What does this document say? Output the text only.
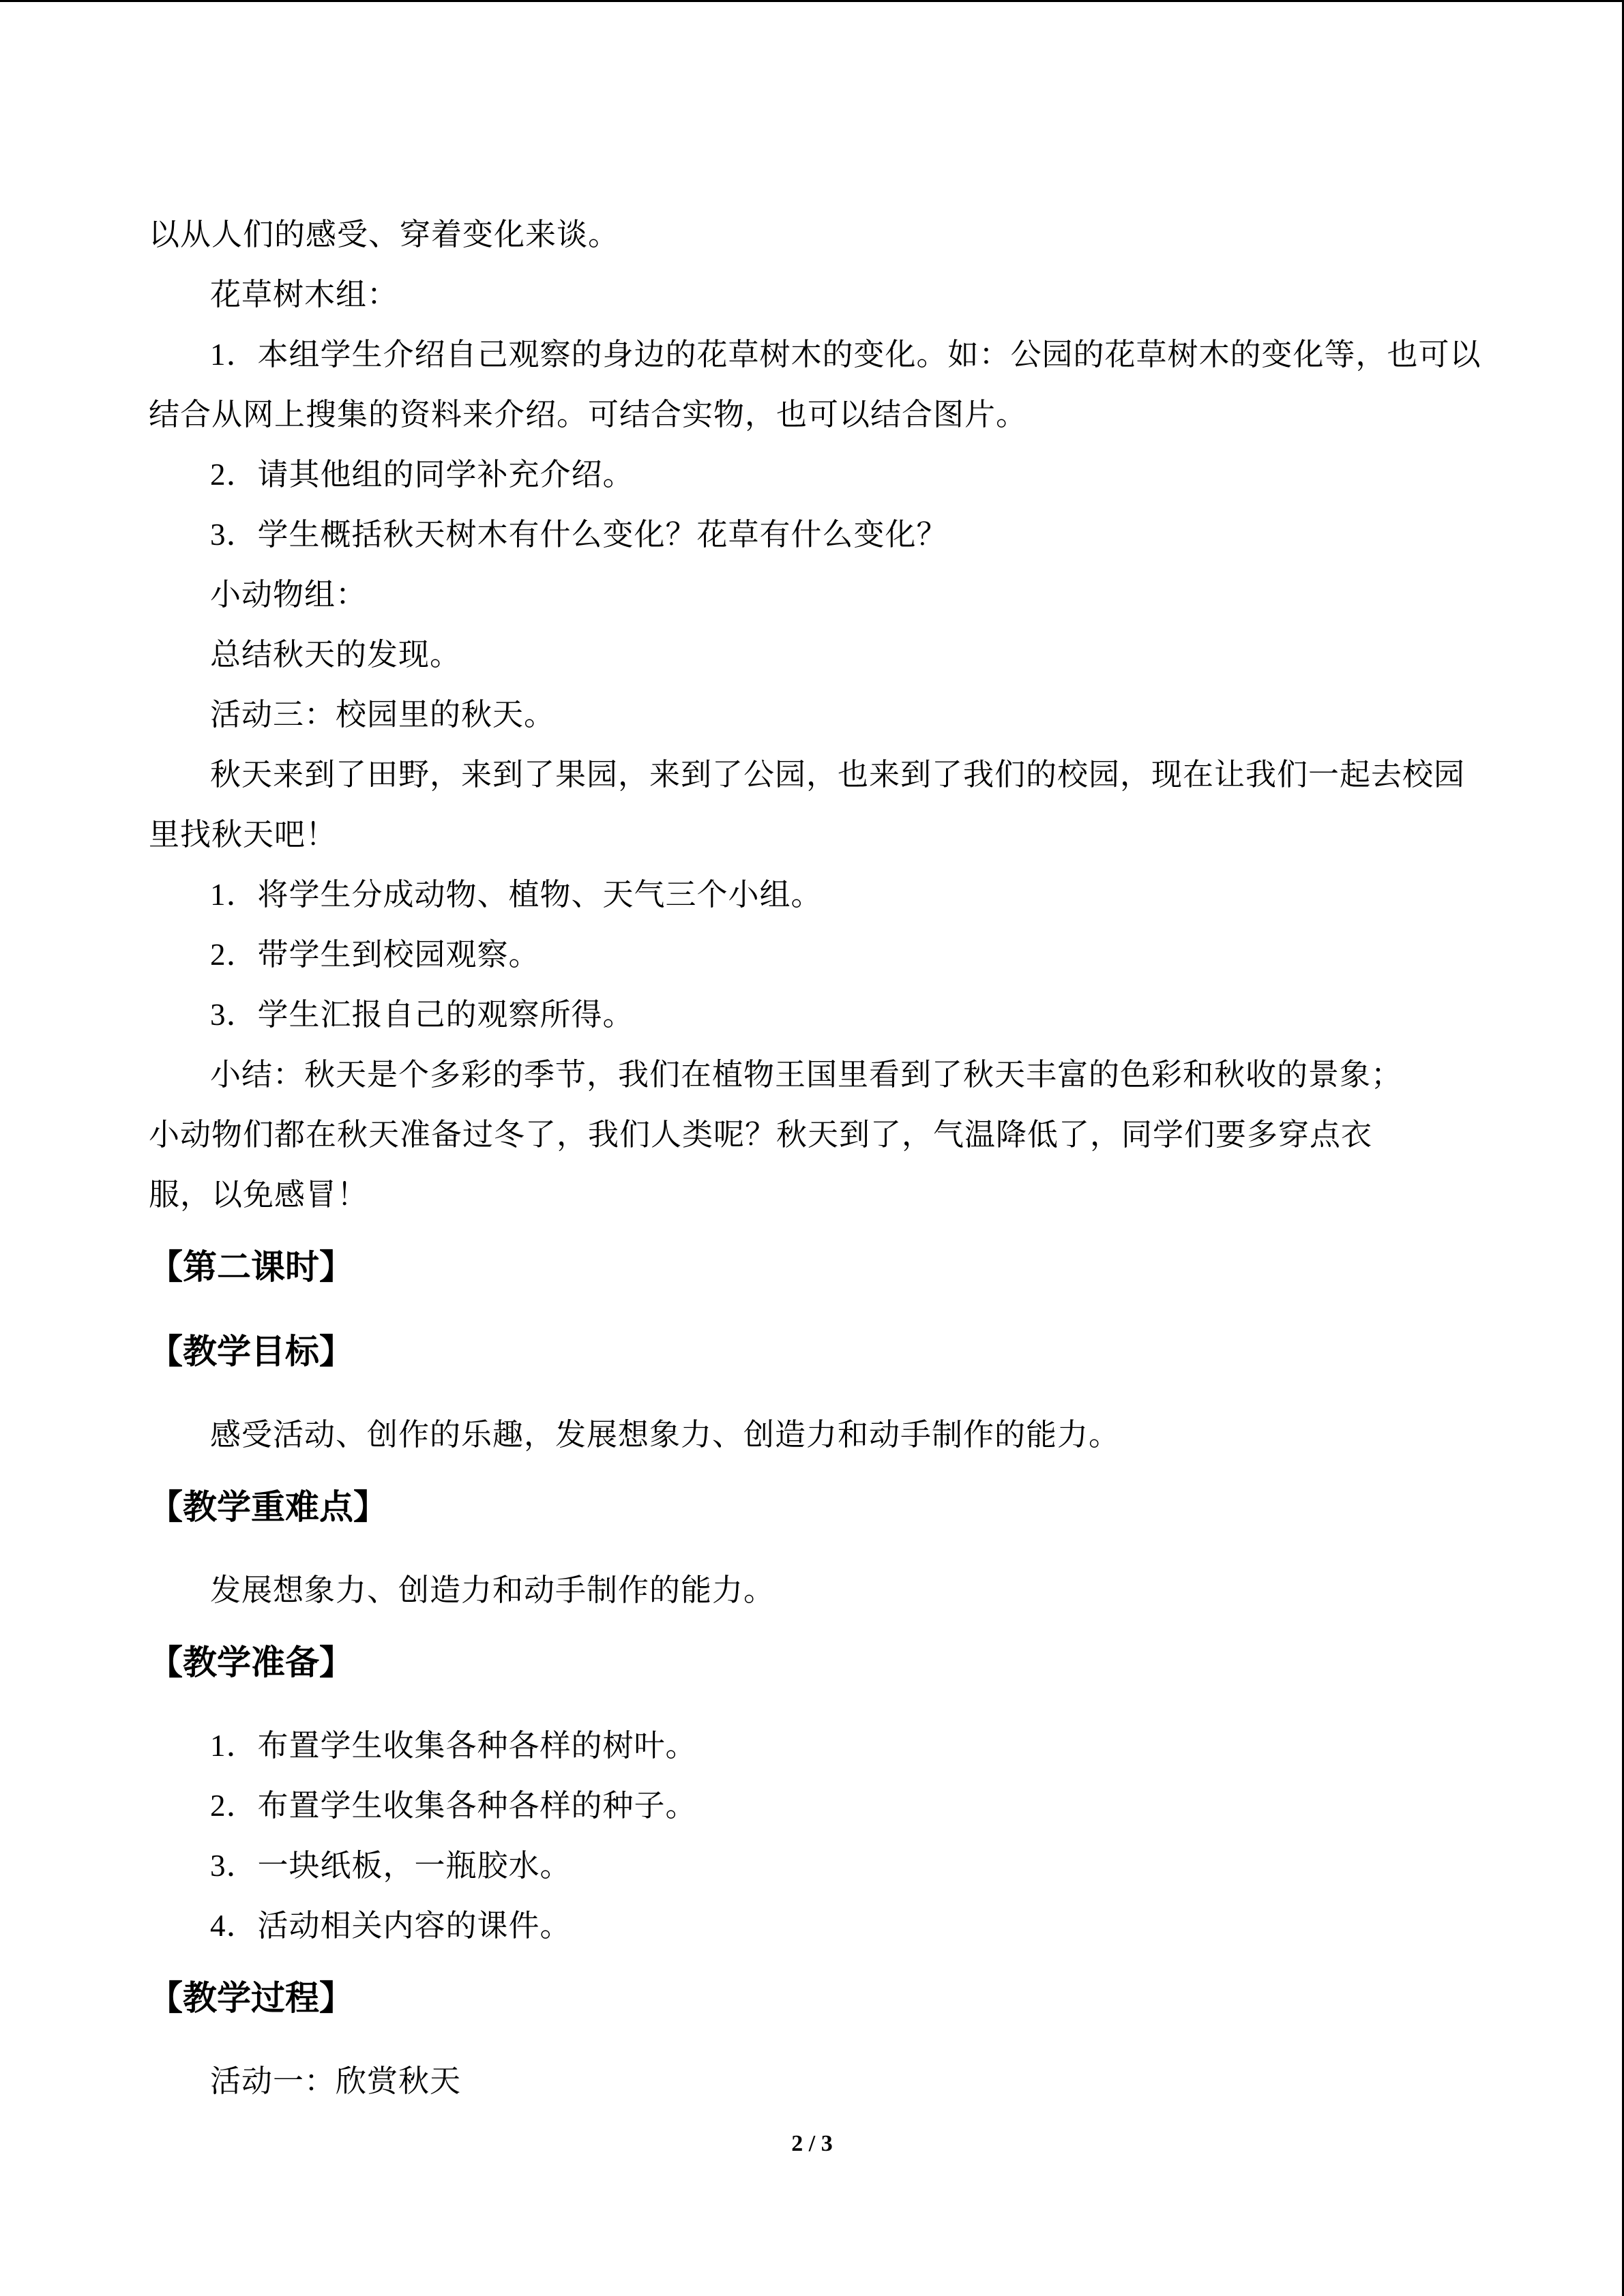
以从人们的感受、穿着变化来谈。

花草树木组：

1．本组学生介绍自己观察的身边的花草树木的变化。如：公园的花草树木的变化等，也可以结合从网上搜集的资料来介绍。可结合实物，也可以结合图片。

2．请其他组的同学补充介绍。

3．学生概括秋天树木有什么变化？花草有什么变化？

小动物组：

总结秋天的发现。

活动三：校园里的秋天。

秋天来到了田野，来到了果园，来到了公园，也来到了我们的校园，现在让我们一起去校园里找秋天吧！

1．将学生分成动物、植物、天气三个小组。

2．带学生到校园观察。

3．学生汇报自己的观察所得。

小结：秋天是个多彩的季节，我们在植物王国里看到了秋天丰富的色彩和秋收的景象；

小动物们都在秋天准备过冬了，我们人类呢？秋天到了，气温降低了，同学们要多穿点衣

服，以免感冒！

【第二课时】
【教学目标】

感受活动、创作的乐趣，发展想象力、创造力和动手制作的能力。

【教学重难点】

发展想象力、创造力和动手制作的能力。

【教学准备】

1．布置学生收集各种各样的树叶。

2．布置学生收集各种各样的种子。

3．一块纸板，一瓶胶水。

4．活动相关内容的课件。

【教学过程】

活动一：欣赏秋天

2 / 3
